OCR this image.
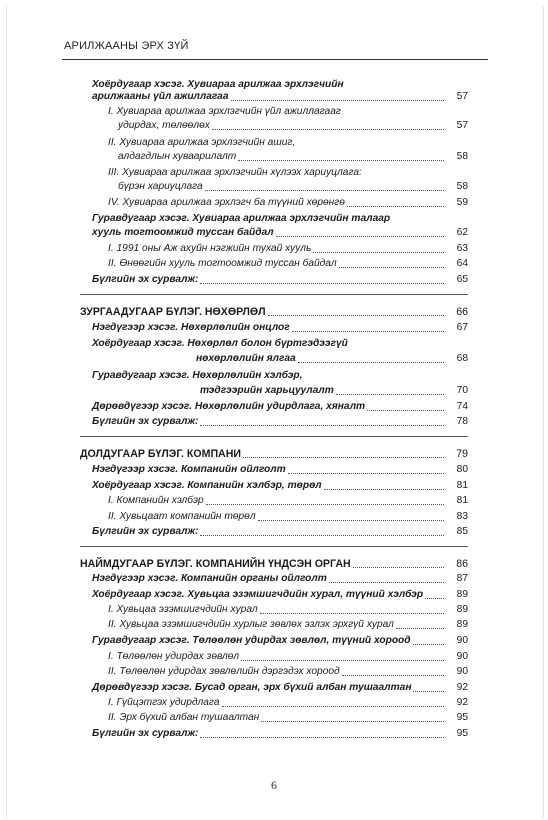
АРИЛЖААНЫ ЭРХ ЗҮЙ
Хоёрдугаар хэсэг. Хувиараа арилжаа эрхлэгчийн
арилжааны үйл ажиллагаа	57
I. Хувиараа арилжаа эрхлэгчийн үйл ажиллагааг
удирдах, төлөөлөх	57
II. Хувиараа арилжаа эрхлэгчийн ашиг,
алдагдлын хуваарилалт	58
III. Хувиараа арилжаа эрхлэгчийн хүлээх хариуцлага:
бүрэн хариуцлага	58
IV. Хувиараа арилжаа эрхлэгч ба түүний хөрөнгө	59
Гуравдугаар хэсэг. Хувиараа арилжаа эрхлэгчийн талаар
хууль тогтоомжид туссан байдал	62
I. 1991 оны Аж ахуйн нэгжийн тухай хууль	63
II. Өнөөгийн хууль тогтоомжид туссан байдал	64
Бүлгийн эх сурвалж:	65
ЗУРГААДУГААР БҮЛЭГ. НӨХӨРЛӨЛ	66
Нэгдүгээр хэсэг. Нөхөрлөлийн онцлог	67
Хоёрдугаар хэсэг. Нөхөрлөл болон бүртгэдээгүй
нөхөрлөлийн ялгаа	68
Гуравдугаар хэсэг. Нөхөрлөлийн хэлбэр,
тэдгээрийн харьцуулалт	70
Дөрөвдүгээр хэсэг. Нөхөрлөлийн удирдлага, хяналт	74
Бүлгийн эх сурвалж:	78
ДОЛДУГААР БҮЛЭГ. КОМПАНИ	79
Нэгдүгээр хэсэг. Компанийн ойлголт	80
Хоёрдугаар хэсэг. Компанийн хэлбэр, төрөл	81
I. Компанийн хэлбэр	81
II. Хувьцаат компанийн төрөл	83
Бүлгийн эх сурвалж:	85
НАЙМДУГААР БҮЛЭГ. КОМПАНИЙН ҮНДСЭН ОРГАН	86
Нэгдүгээр хэсэг. Компанийн органы ойлголт	87
Хоёрдугаар хэсэг. Хувьцаа эзэмшигчдийн хурал, түүний хэлбэр	89
I. Хувьцаа эзэмшигчдийн хурал	89
II. Хувьцаа эзэмшигчдийн хурлыг зөвлөх эзлэх эрхгүй хурал	89
Гуравдугаар хэсэг. Төлөөлөн удирдах зөвлөл, түүний хороод	90
I. Төлөөлөн удирдах зөвлөл	90
II. Төлөөлөн удирдах зөвлөлийн дэргэдэх хороод	90
Дөрөвдүгээр хэсэг. Бусад орган, эрх бүхий албан тушаалтан	92
I. Гүйцэтгэх удирдлага	92
II. Эрх бүхий албан тушаалтан	95
Бүлгийн эх сурвалж:	95
6
